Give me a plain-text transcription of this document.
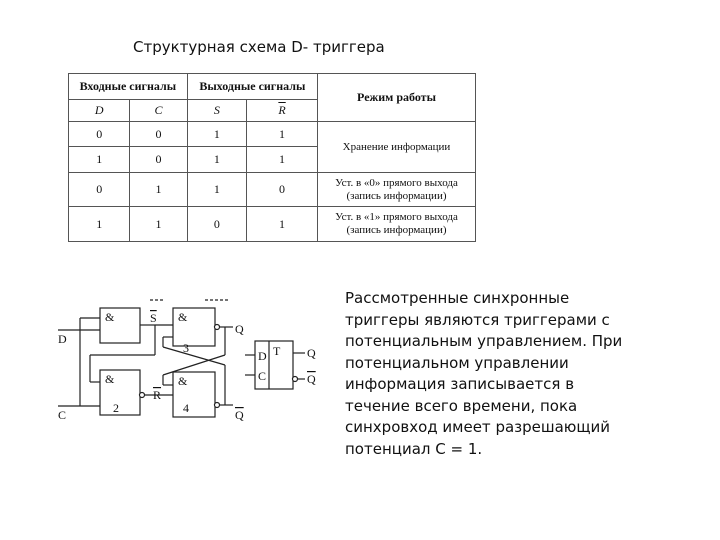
Структурная схема D- триггера
Входные сигналы		Выходные сигналы		Режим работы
D	C	S	$\overline{R}$
0	0	1	1	Хранение информации
1	0	1	1	
0	1	1	0	Уст. в «0» прямого выхода
(запись информации)

1	1	0	1	Уст. в «1» прямого выхода
(запись информации)
&
&
&
&
D
C
Q
Q
S
R
2
3
4
D
C
T Q
Q
Рассмотренные синхронные триггеры являются триггерами с потенциальным управлением. При потенциальном управлении информация записывается в течение всего времени, пока синхровход имеет разрешающий потенциал С = 1.
